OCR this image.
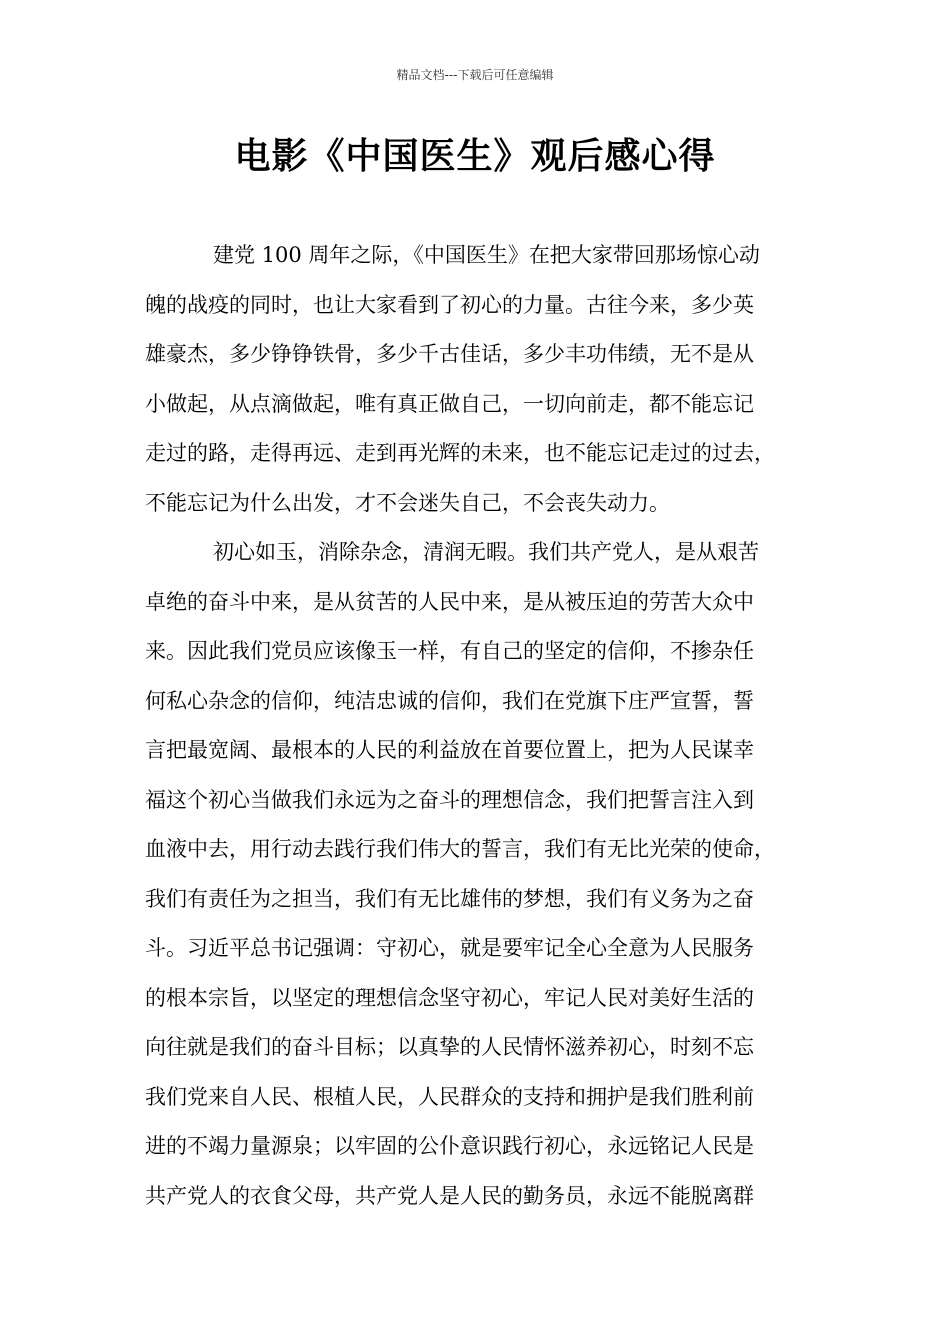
精品文档---下载后可任意编辑
电影《中国医生》观后感心得
建党 100 周年之际，《中国医生》在把大家带回那场惊心动
魄的战疫的同时，也让大家看到了初心的力量。古往今来，多少英
雄豪杰，多少铮铮铁骨，多少千古佳话，多少丰功伟绩，无不是从
小做起，从点滴做起，唯有真正做自己，一切向前走，都不能忘记
走过的路，走得再远、走到再光辉的未来，也不能忘记走过的过去，
不能忘记为什么出发，才不会迷失自己，不会丧失动力。
初心如玉，消除杂念，清润无暇。我们共产党人，是从艰苦
卓绝的奋斗中来，是从贫苦的人民中来，是从被压迫的劳苦大众中
来。因此我们党员应该像玉一样，有自己的坚定的信仰，不掺杂任
何私心杂念的信仰，纯洁忠诚的信仰，我们在党旗下庄严宣誓，誓
言把最宽阔、最根本的人民的利益放在首要位置上，把为人民谋幸
福这个初心当做我们永远为之奋斗的理想信念，我们把誓言注入到
血液中去，用行动去践行我们伟大的誓言，我们有无比光荣的使命，
我们有责任为之担当，我们有无比雄伟的梦想，我们有义务为之奋
斗。习近平总书记强调：守初心，就是要牢记全心全意为人民服务
的根本宗旨，以坚定的理想信念坚守初心，牢记人民对美好生活的
向往就是我们的奋斗目标；以真挚的人民情怀滋养初心，时刻不忘
我们党来自人民、根植人民，人民群众的支持和拥护是我们胜利前
进的不竭力量源泉；以牢固的公仆意识践行初心，永远铭记人民是
共产党人的衣食父母，共产党人是人民的勤务员，永远不能脱离群
